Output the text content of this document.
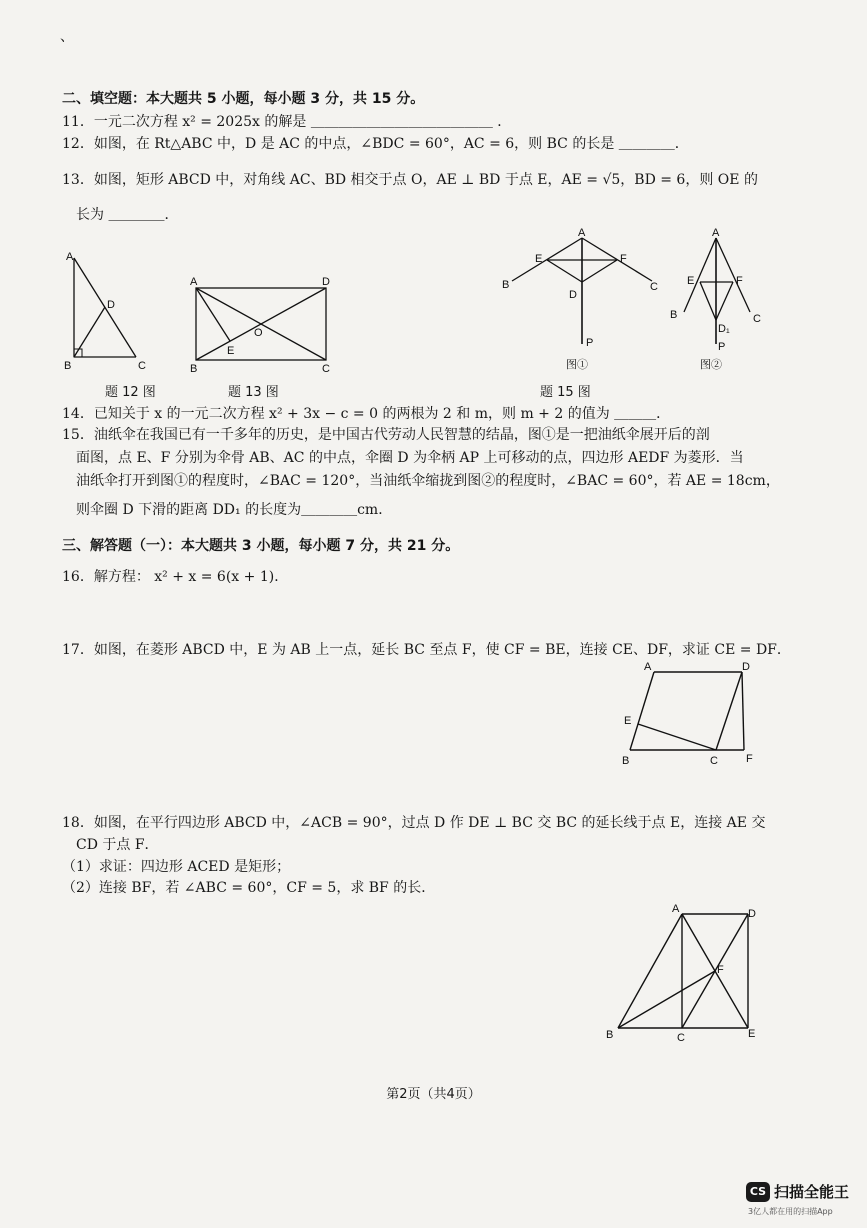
、
二、填空题：本大题共 5 小题，每小题 3 分，共 15 分。
11．一元二次方程 x² = 2025x 的解是 ＿＿＿＿＿＿＿＿＿＿＿＿＿ ．
12．如图，在 Rt△ABC 中，D 是 AC 的中点，∠BDC = 60°，AC = 6，则 BC 的长是 ＿＿＿＿．
13．如图，矩形 ABCD 中，对角线 AC、BD 相交于点 O，AE ⊥ BD 于点 E，AE = √5，BD = 6，则 OE 的
长为 ＿＿＿＿．
A
D
B	C
题 12 图
A	D
O
E
B	C
题 13 图
A
E	F
B	C
D
P
图①
A
E	F
B	C
D₁
P
图②
题 15 图
14．已知关于 x 的一元二次方程 x² + 3x − c = 0 的两根为 2 和 m，则 m + 2 的值为 ＿＿＿．
15．油纸伞在我国已有一千多年的历史，是中国古代劳动人民智慧的结晶，图①是一把油纸伞展开后的剖
面图，点 E、F 分别为伞骨 AB、AC 的中点，伞圈 D 为伞柄 AP 上可移动的点，四边形 AEDF 为菱形．当
油纸伞打开到图①的程度时，∠BAC = 120°，当油纸伞缩拢到图②的程度时，∠BAC = 60°，若 AE = 18cm，
则伞圈 D 下滑的距离 DD₁ 的长度为＿＿＿＿cm．
三、解答题（一）：本大题共 3 小题，每小题 7 分，共 21 分。
16．解方程： x² + x = 6(x + 1)．
17．如图，在菱形 ABCD 中，E 为 AB 上一点，延长 BC 至点 F，使 CF = BE，连接 CE、DF，求证 CE = DF．
A	D
E
B	C	F
18．如图，在平行四边形 ABCD 中，∠ACB = 90°，过点 D 作 DE ⊥ BC 交 BC 的延长线于点 E，连接 AE 交
CD 于点 F．
（1）求证：四边形 ACED 是矩形；
（2）连接 BF，若 ∠ABC = 60°，CF = 5，求 BF 的长．
A	D
F
B	C	E
第2页（共4页）
CS 扫描全能王
3亿人都在用的扫描App
